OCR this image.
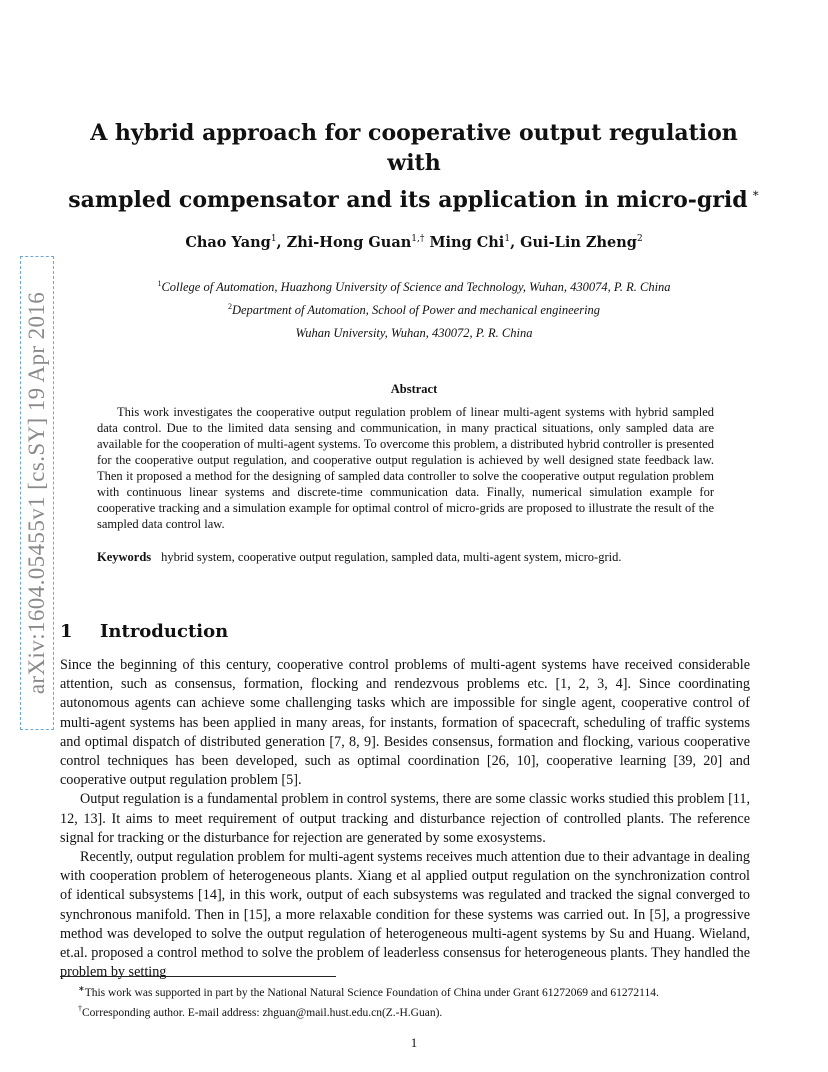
arXiv:1604.05455v1 [cs.SY] 19 Apr 2016
A hybrid approach for cooperative output regulation with
sampled compensator and its application in micro-grid ∗
Chao Yang$^1$, Zhi-Hong Guan$^{1,\dagger}$ Ming Chi$^1$, Gui-Lin Zheng$^2$
$^1$College of Automation, Huazhong University of Science and Technology, Wuhan, 430074, P. R. China
$^2$Department of Automation, School of Power and mechanical engineering
Wuhan University, Wuhan, 430072, P. R. China
Abstract

This work investigates the cooperative output regulation problem of linear multi-agent systems with hybrid sampled data control. Due to the limited data sensing and communication, in many practical situations, only sampled data are available for the cooperation of multi-agent systems. To overcome this problem, a distributed hybrid controller is presented for the cooperative output regulation, and cooperative output regulation is achieved by well designed state feedback law. Then it proposed a method for the designing of sampled data controller to solve the cooperative output regulation problem with continuous linear systems and discrete-time communication data. Finally, numerical simulation example for cooperative tracking and a simulation example for optimal control of micro-grids are proposed to illustrate the result of the sampled data control law.

Keywords hybrid system, cooperative output regulation, sampled data, multi-agent system, micro-grid.
1 Introduction

Since the beginning of this century, cooperative control problems of multi-agent systems have received considerable attention, such as consensus, formation, flocking and rendezvous problems etc. [1, 2, 3, 4]. Since coordinating autonomous agents can achieve some challenging tasks which are impossible for single agent, cooperative control of multi-agent systems has been applied in many areas, for instants, formation of spacecraft, scheduling of traffic systems and optimal dispatch of distributed generation [7, 8, 9]. Besides consensus, formation and flocking, various cooperative control techniques has been developed, such as optimal coordination [26, 10], cooperative learning [39, 20] and cooperative output regulation problem [5].

Output regulation is a fundamental problem in control systems, there are some classic works studied this problem [11, 12, 13]. It aims to meet requirement of output tracking and disturbance rejection of controlled plants. The reference signal for tracking or the disturbance for rejection are generated by some exosystems.

Recently, output regulation problem for multi-agent systems receives much attention due to their advantage in dealing with cooperation problem of heterogeneous plants. Xiang et al applied output regulation on the synchronization control of identical subsystems [14], in this work, output of each subsystems was regulated and tracked the signal converged to synchronous manifold. Then in [15], a more relaxable condition for these systems was carried out. In [5], a progressive method was developed to solve the output regulation of heterogeneous multi-agent systems by Su and Huang. Wieland, et.al. proposed a control method to solve the problem of leaderless consensus for heterogeneous plants. They handled the problem by setting

∗This work was supported in part by the National Natural Science Foundation of China under Grant 61272069 and 61272114.
†Corresponding author. E-mail address: zhguan@mail.hust.edu.cn(Z.-H.Guan).
1
